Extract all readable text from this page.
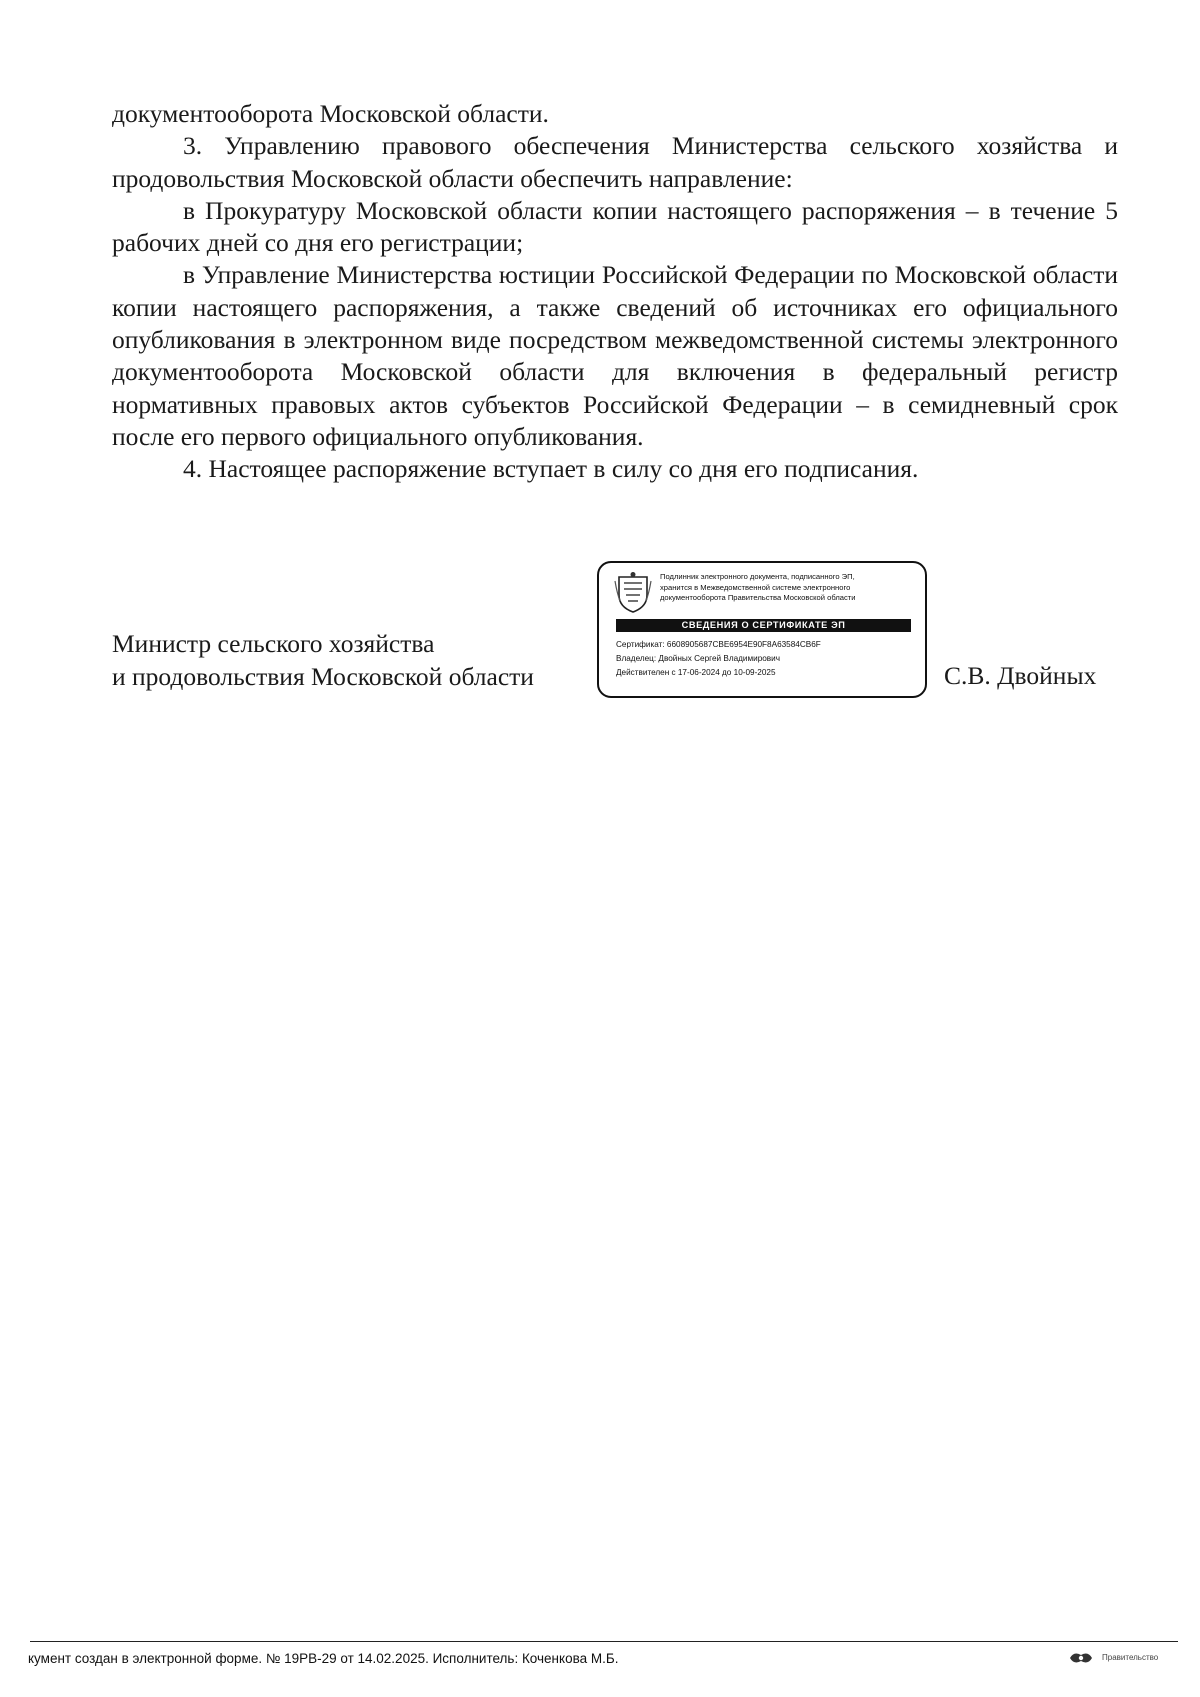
документооборота Московской области.

3. Управлению правового обеспечения Министерства сельского хозяйства и продовольствия Московской области обеспечить направление:

в Прокуратуру Московской области копии настоящего распоряжения – в течение 5 рабочих дней со дня его регистрации;

в Управление Министерства юстиции Российской Федерации по Московской области копии настоящего распоряжения, а также сведений об источниках его официального опубликования в электронном виде посредством межведомственной системы электронного документооборота Московской области для включения в федеральный регистр нормативных правовых актов субъектов Российской Федерации – в семидневный срок после его первого официального опубликования.

4. Настоящее распоряжение вступает в силу со дня его подписания.

Министр сельского хозяйства
и продовольствия Московской области
Подлинник электронного документа, подписанного ЭП,
хранится в Межведомственной системе электронного
документооборота Правительства Московской области
СВЕДЕНИЯ О СЕРТИФИКАТЕ ЭП
Сертификат: 6608905687CBE6954E90F8A63584CB6F
Владелец: Двойных Сергей Владимирович
Действителен с 17-06-2024 до 10-09-2025	С.В. Двойных
кумент создан в электронной форме. № 19РВ-29 от 14.02.2025. Исполнитель: Коченкова М.Б.	Правительство
